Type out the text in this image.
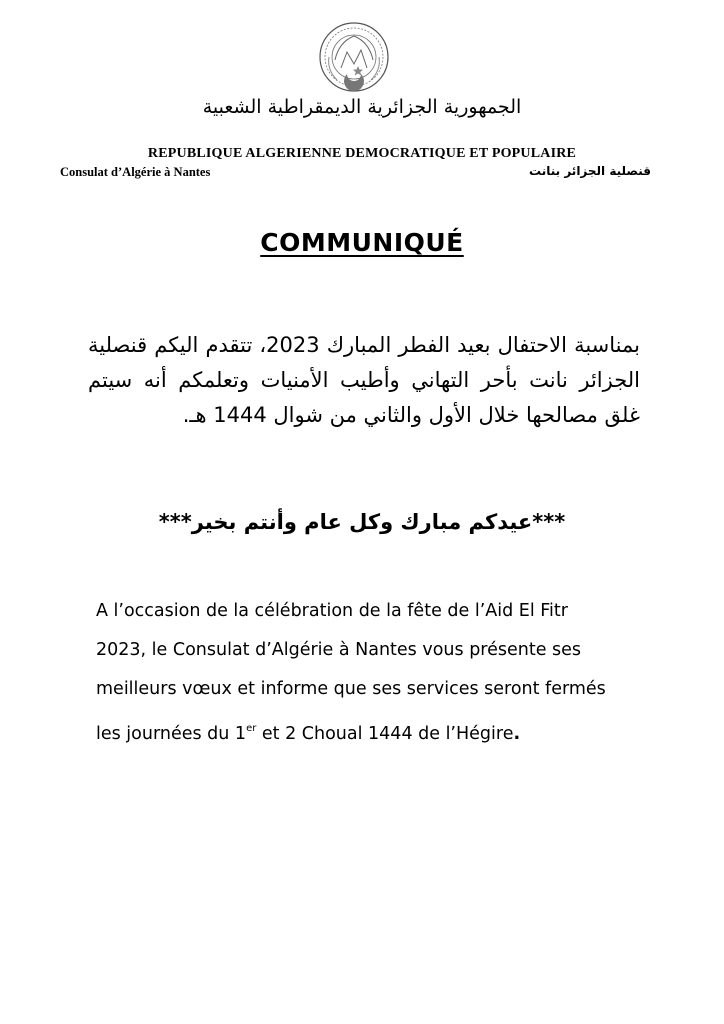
الجمهورية الجزائرية الديمقراطية الشعبية
REPUBLIQUE ALGERIENNE DEMOCRATIQUE ET POPULAIRE
Consulat d’Algérie à Nantes	قنصلية الجزائر بنانت
COMMUNIQUÉ
بمناسبة الاحتفال بعيد الفطر المبارك 2023، تتقدم اليكم قنصلية الجزائر نانت بأحر التهاني وأطيب الأمنيات وتعلمكم أنه سيتم غلق مصالحها خلال الأول والثاني من شوال 1444 هـ.
***عيدكم مبارك وكل عام وأنتم بخير***
A l’occasion de la célébration de la fête de l’Aid El Fitr
2023, le Consulat d’Algérie à Nantes vous présente ses
meilleurs vœux et informe que ses services seront fermés
les journées du 1er et 2 Choual 1444 de l’Hégire.
